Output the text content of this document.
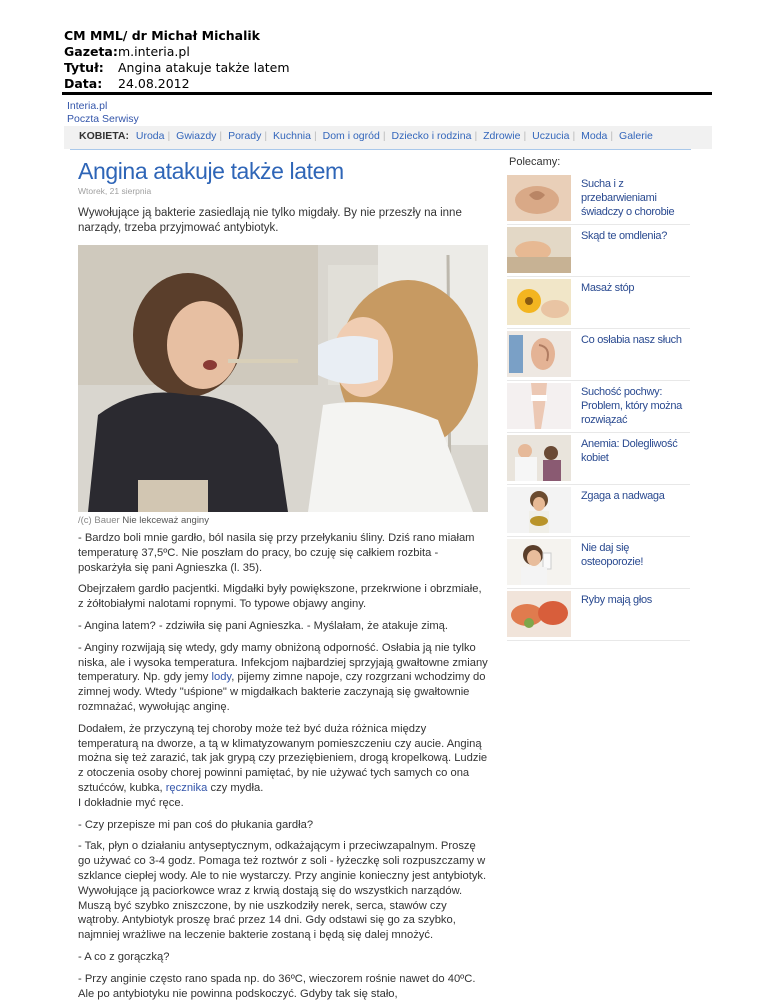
CM MML/ dr Michał Michalik
Gazeta: m.interia.pl
Tytuł:	Angina atakuje także latem
Data:	24.08.2012
Interia.pl
Poczta Serwisy
KOBIETA: Uroda | Gwiazdy | Porady | Kuchnia | Dom i ogród | Dziecko i rodzina | Zdrowie | Uczucia | Moda | Galerie
Angina atakuje także latem
Wtorek, 21 sierpnia
Wywołujące ją bakterie zasiedlają nie tylko migdały. By nie przeszły na inne narządy, trzeba przyjmować antybiotyk.
/(c) Bauer Nie lekceważ anginy

- Bardzo boli mnie gardło, ból nasila się przy przełykaniu śliny. Dziś rano miałam temperaturę 37,5ºC. Nie poszłam do pracy, bo czuję się całkiem rozbita - poskarżyła się pani Agnieszka (l. 35).

Obejrzałem gardło pacjentki. Migdałki były powiększone, przekrwione i obrzmiałe, z żółtobiałymi nalotami ropnymi. To typowe objawy anginy.

- Angina latem? - zdziwiła się pani Agnieszka. - Myślałam, że atakuje zimą.

- Anginy rozwijają się wtedy, gdy mamy obniżoną odporność. Osłabia ją nie tylko niska, ale i wysoka temperatura. Infekcjom najbardziej sprzyjają gwałtowne zmiany temperatury. Np. gdy jemy lody, pijemy zimne napoje, czy rozgrzani wchodzimy do zimnej wody. Wtedy "uśpione" w migdałkach bakterie zaczynają się gwałtownie rozmnażać, wywołując anginę.

Dodałem, że przyczyną tej choroby może też być duża różnica między temperaturą na dworze, a tą w klimatyzowanym pomieszczeniu czy aucie. Anginą można się też zarazić, tak jak grypą czy przeziębieniem, drogą kropelkową. Ludzie z otoczenia osoby chorej powinni pamiętać, by nie używać tych samych co ona sztućców, kubka, ręcznika czy mydła.
I dokładnie myć ręce.

- Czy przepisze mi pan coś do płukania gardła?

- Tak, płyn o działaniu antyseptycznym, odkażającym i przeciwzapalnym. Proszę go używać co 3-4 godz. Pomaga też roztwór z soli - łyżeczkę soli rozpuszczamy w szklance ciepłej wody. Ale to nie wystarczy. Przy anginie konieczny jest antybiotyk. Wywołujące ją paciorkowce wraz z krwią dostają się do wszystkich narządów. Muszą być szybko zniszczone, by nie uszkodziły nerek, serca, stawów czy wątroby. Antybiotyk proszę brać przez 14 dni. Gdy odstawi się go za szybko, najmniej wrażliwe na leczenie bakterie zostaną i będą się dalej mnożyć.

- A co z gorączką?

- Przy anginie często rano spada np. do 36ºC, wieczorem rośnie nawet do 40ºC. Ale po antybiotyku nie powinna podskoczyć. Gdyby tak się stało,

Polecamy:
Sucha i z przebarwieniami świadczy o chorobie
Skąd te omdlenia?
Masaż stóp
Co osłabia nasz słuch
Suchość pochwy: Problem, który można rozwiązać
Anemia: Dolegliwość kobiet
Zgaga a nadwaga
Nie daj się osteoporozie!
Ryby mają głos
